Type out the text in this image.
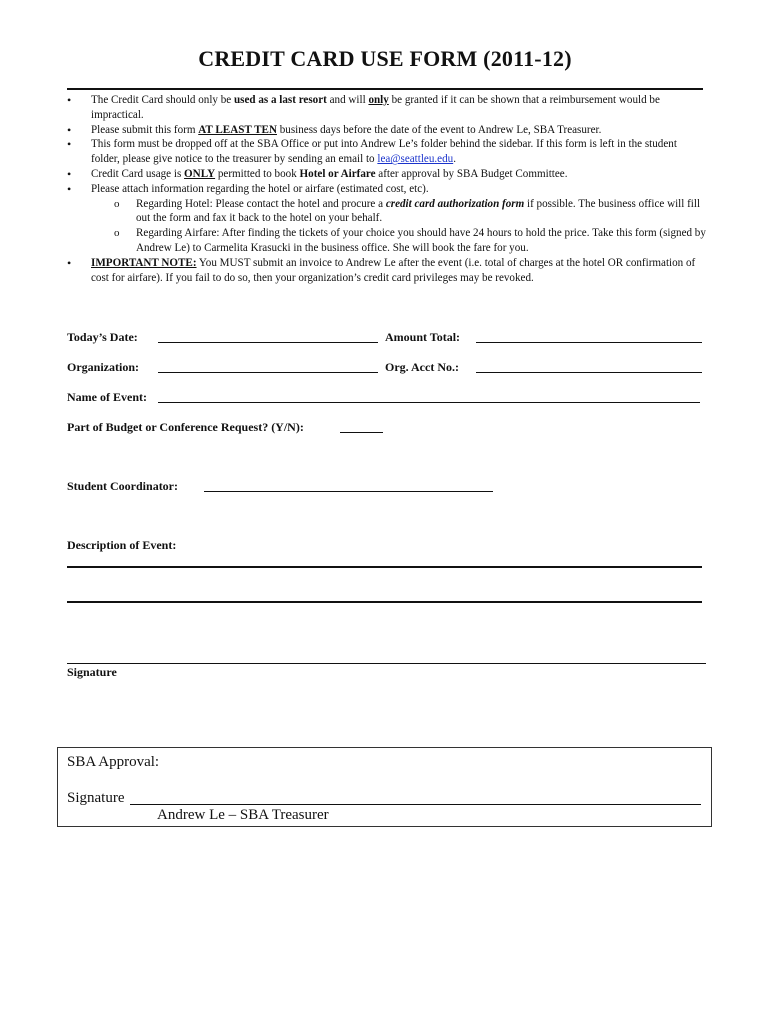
CREDIT CARD USE FORM (2011-12)
• The Credit Card should only be used as a last resort and will only be granted if it can be shown that a reimbursement would be impractical.
• Please submit this form AT LEAST TEN business days before the date of the event to Andrew Le, SBA Treasurer.
• This form must be dropped off at the SBA Office or put into Andrew Le’s folder behind the sidebar. If this form is left in the student folder, please give notice to the treasurer by sending an email to lea@seattleu.edu.
• Credit Card usage is ONLY permitted to book Hotel or Airfare after approval by SBA Budget Committee.
• Please attach information regarding the hotel or airfare (estimated cost, etc).
o Regarding Hotel: Please contact the hotel and procure a credit card authorization form if possible. The business office will fill out the form and fax it back to the hotel on your behalf.
o Regarding Airfare: After finding the tickets of your choice you should have 24 hours to hold the price. Take this form (signed by Andrew Le) to Carmelita Krasucki in the business office. She will book the fare for you.
• IMPORTANT NOTE: You MUST submit an invoice to Andrew Le after the event (i.e. total of charges at the hotel OR confirmation of cost for airfare). If you fail to do so, then your organization’s credit card privileges may be revoked.
Today’s Date:	Amount Total:
Organization:	Org. Acct No.:
Name of Event:
Part of Budget or Conference Request? (Y/N):
Student Coordinator:
Description of Event:
Signature
SBA Approval:
Signature
Andrew Le – SBA Treasurer
